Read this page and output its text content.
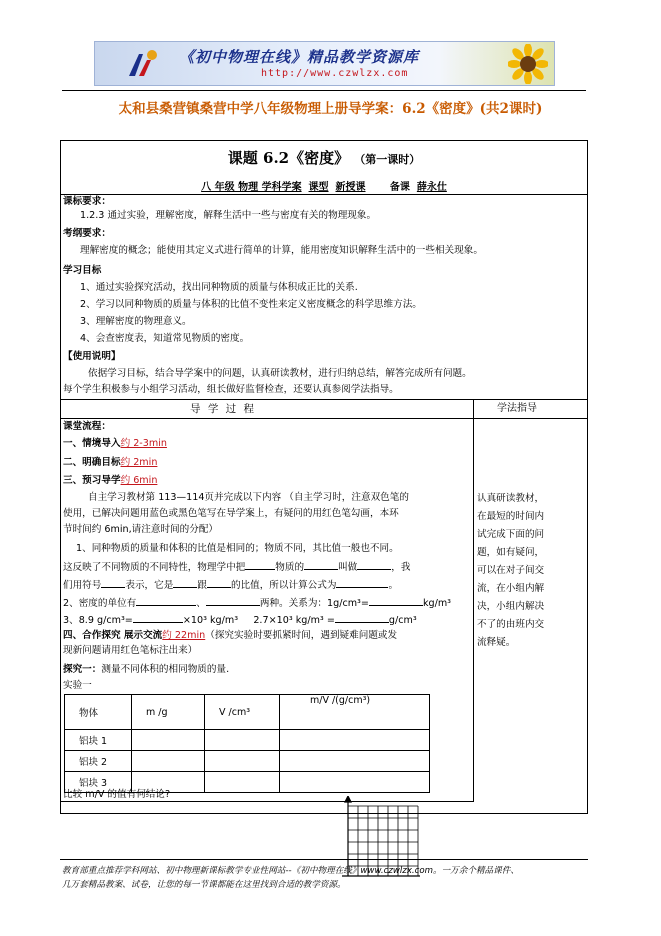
《初中物理在线》精品教学资源库
http://www.czwlzx.com
太和县桑营镇桑营中学八年级物理上册导学案：6.2《密度》(共2课时)
课题 6.2《密度》 （第一课时）
八 年级 物理 学科学案 课型 新授课 备课 薛永仕
课标要求：
1.2.3 通过实验，理解密度，解释生活中一些与密度有关的物理现象。
考纲要求：
理解密度的概念；能使用其定义式进行简单的计算，能用密度知识解释生活中的一些相关现象。
学习目标
1、通过实验探究活动，找出同种物质的质量与体积成正比的关系.
2、学习以同种物质的质量与体积的比值不变性来定义密度概念的科学思维方法。
3、理解密度的物理意义。
4、会查密度表，知道常见物质的密度。
【使用说明】
依据学习目标，结合导学案中的问题，认真研读教材，进行归纳总结，解答完成所有问题。
每个学生积极参与小组学习活动，组长做好监督检查，还要认真参阅学法指导。
导 学 过 程	学法指导
课堂流程：
一、情境导入约 2-3min
二、明确目标约 2min
三、预习导学约 6min
自主学习教材第 113—114页并完成以下内容 （自主学习时，注意双色笔的
使用，已解决问题用蓝色或黑色笔写在导学案上，有疑问的用红色笔勾画，本环
节时间约 6min,请注意时间的分配）
1、同种物质的质量和体积的比值是相同的；物质不同，其比值一般也不同。
这反映了不同物质的不同特性，物理学中把	物质的	叫做	，我
们用符号	表示，它是	跟	的比值，所以计算公式为	。
2、密度的单位有	、	两种。关系为：1g/cm³=	kg/m³
3、8.9 g/cm³=	×10³ kg/m³ 2.7×10³ kg/m³ =	g/cm³
四、合作探究 展示交流约 22min（探究实验时要抓紧时间，遇到疑难问题或发
现新问题请用红色笔标注出来）
探究一：测量不同体积的相同物质的量.
实验一
认真研读教材，
在最短的时间内
试完成下面的问
题，如有疑问，
可以在对子间交
流，在小组内解
决，小组内解决
不了的由班内交
流释疑。
物体	m /g	V /cm³	m/V /(g/cm³)
铝块 1			
铝块 2			
铝块 3			
比较 m/V 的值有何结论?
教育部重点推荐学科网站、初中物理新课标教学专业性网站--《初中物理在线》www.czwlzx.com。一万余个精品课件、
几万套精品教案、试卷，让您的每一节课都能在这里找到合适的教学资源。
